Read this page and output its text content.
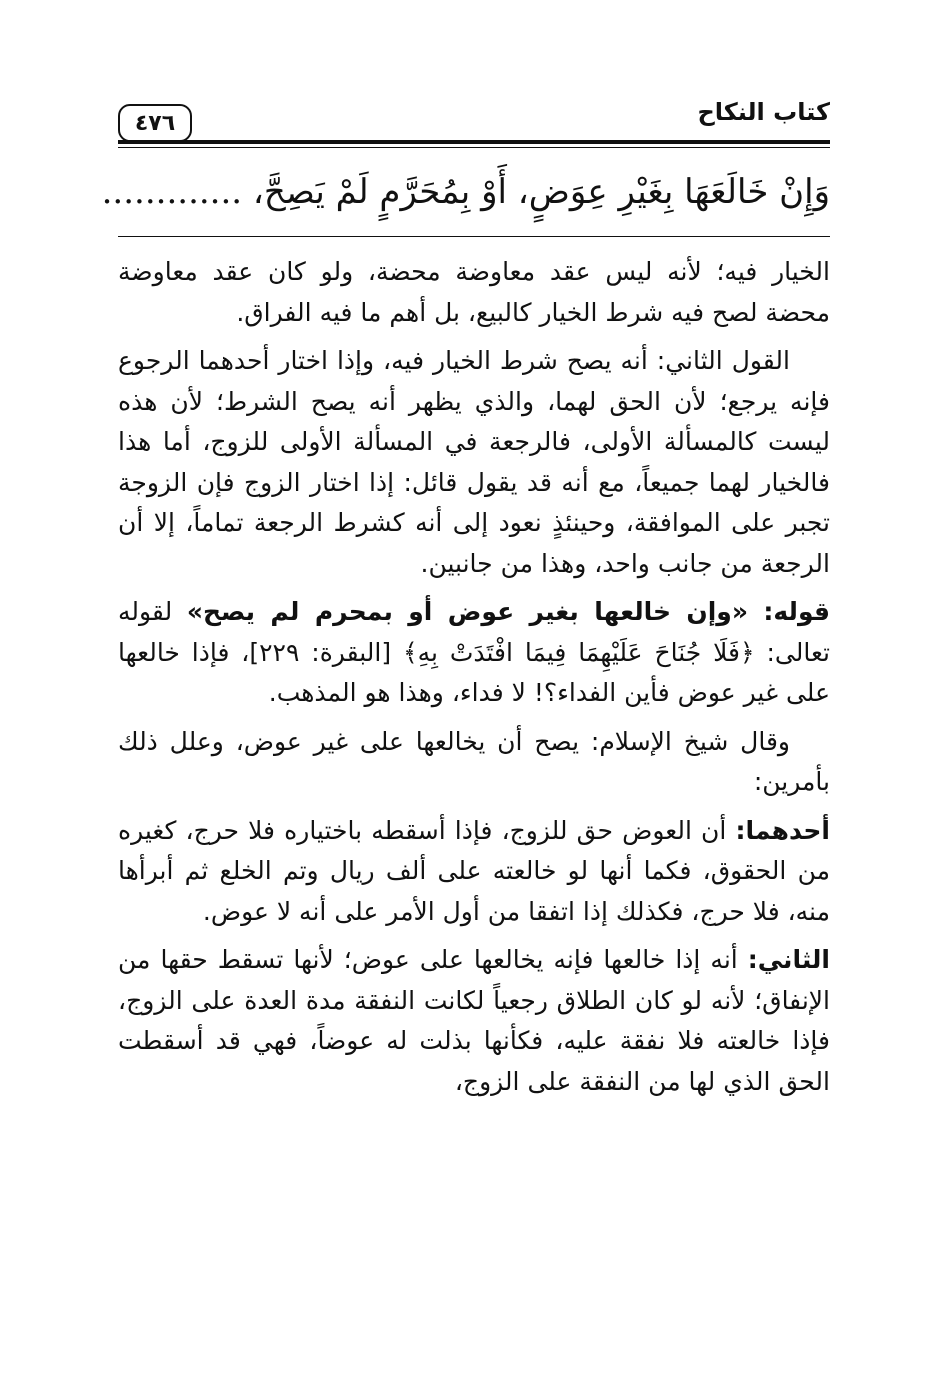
٤٧٦	كتاب النكاح
وَإِنْ خَالَعَهَا بِغَيْرِ عِوَضٍ، أَوْ بِمُحَرَّمٍ لَمْ يَصِحَّ، .............

الخيار فيه؛ لأنه ليس عقد معاوضة محضة، ولو كان عقد معاوضة محضة لصح فيه شرط الخيار كالبيع، بل أهم ما فيه الفراق.

القول الثاني: أنه يصح شرط الخيار فيه، وإذا اختار أحدهما الرجوع فإنه يرجع؛ لأن الحق لهما، والذي يظهر أنه يصح الشرط؛ لأن هذه ليست كالمسألة الأولى، فالرجعة في المسألة الأولى للزوج، أما هذا فالخيار لهما جميعاً، مع أنه قد يقول قائل: إذا اختار الزوج فإن الزوجة تجبر على الموافقة، وحينئذٍ نعود إلى أنه كشرط الرجعة تماماً، إلا أن الرجعة من جانب واحد، وهذا من جانبين.

قوله: «وإن خالعها بغير عوض أو بمحرم لم يصح» لقوله تعالى: ﴿فَلَا جُنَاحَ عَلَيْهِمَا فِيمَا افْتَدَتْ بِهِ﴾ [البقرة: ٢٢٩]، فإذا خالعها على غير عوض فأين الفداء؟! لا فداء، وهذا هو المذهب.

وقال شيخ الإسلام: يصح أن يخالعها على غير عوض، وعلل ذلك بأمرين:

أحدهما: أن العوض حق للزوج، فإذا أسقطه باختياره فلا حرج، كغيره من الحقوق، فكما أنها لو خالعته على ألف ريال وتم الخلع ثم أبرأها منه، فلا حرج، فكذلك إذا اتفقا من أول الأمر على أنه لا عوض.

الثاني: أنه إذا خالعها فإنه يخالعها على عوض؛ لأنها تسقط حقها من الإنفاق؛ لأنه لو كان الطلاق رجعياً لكانت النفقة مدة العدة على الزوج، فإذا خالعته فلا نفقة عليه، فكأنها بذلت له عوضاً، فهي قد أسقطت الحق الذي لها من النفقة على الزوج،
